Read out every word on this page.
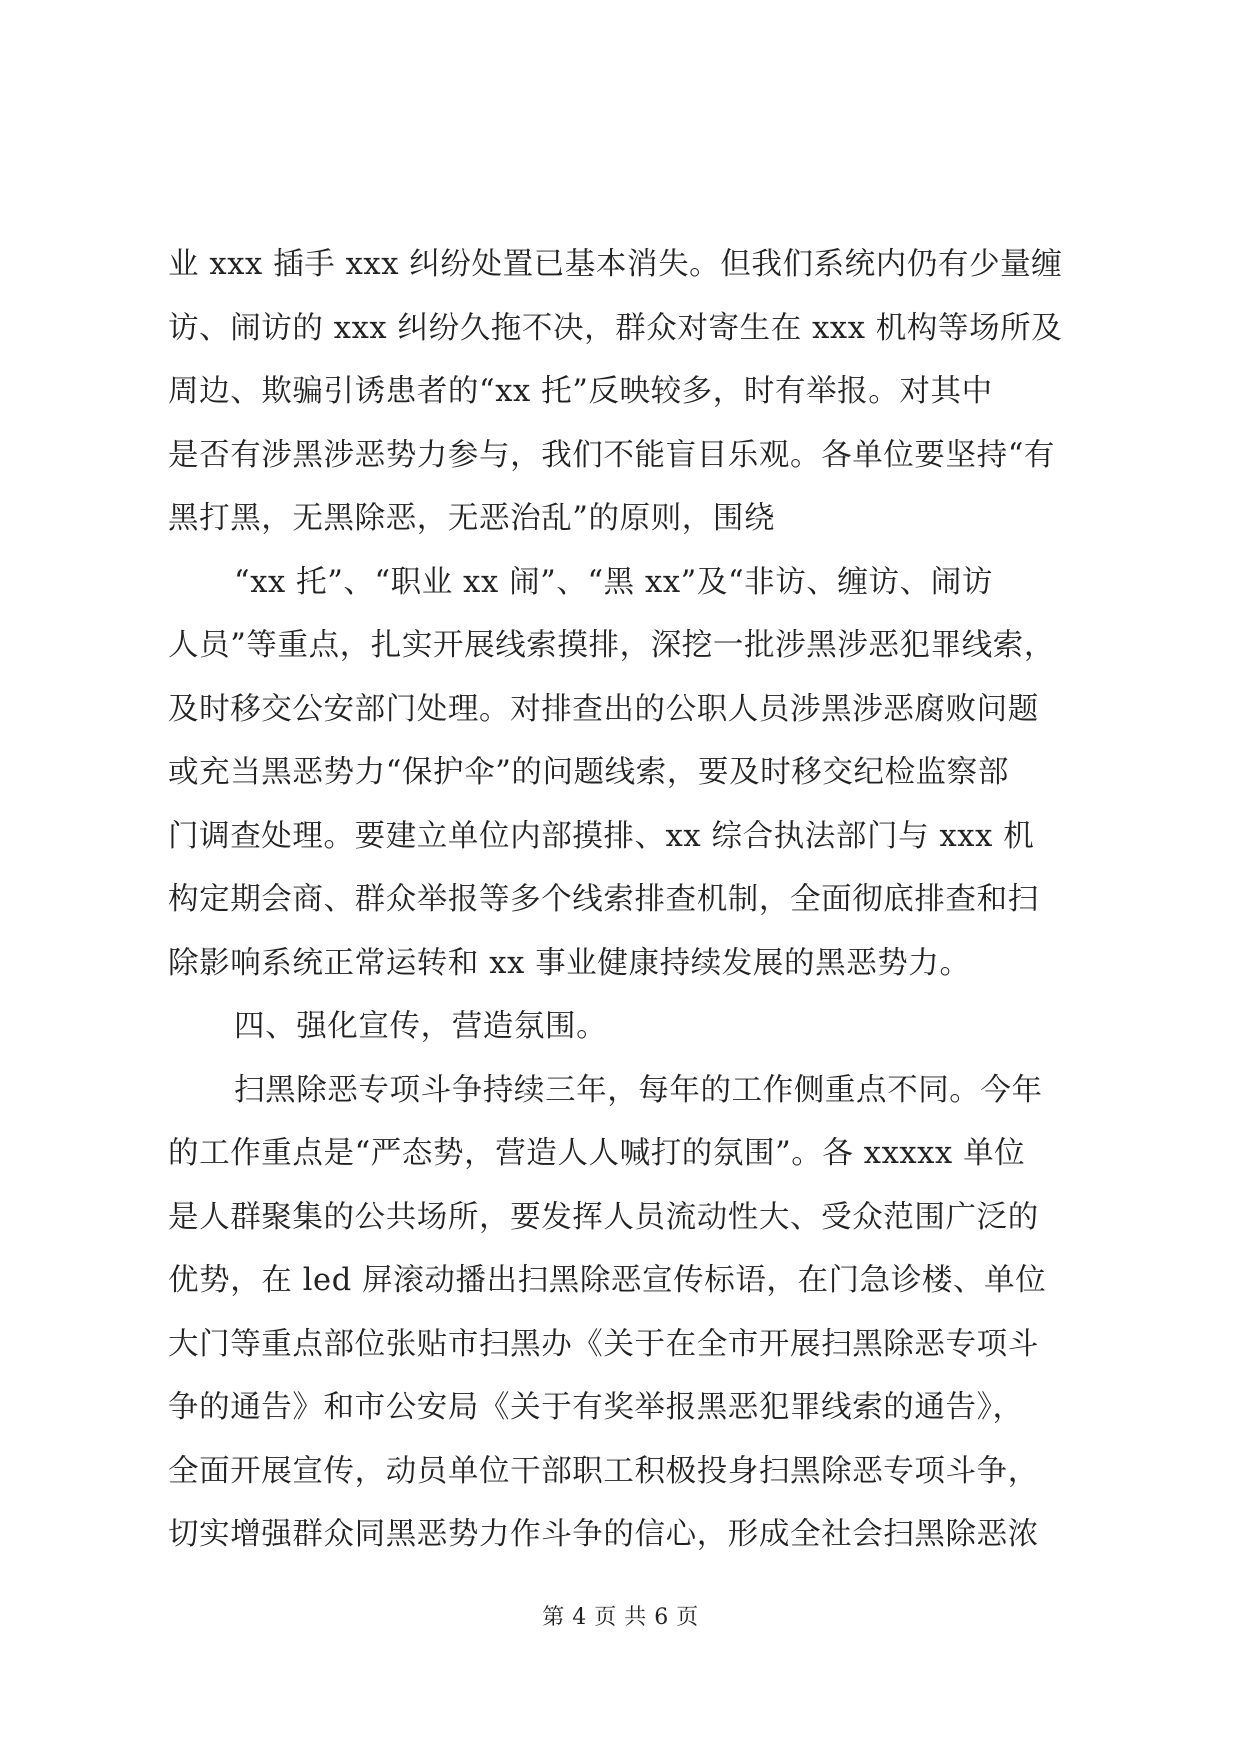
业 xxx 插手 xxx 纠纷处置已基本消失。但我们系统内仍有少量缠
访、闹访的 xxx 纠纷久拖不决，群众对寄生在 xxx 机构等场所及
周边、欺骗引诱患者的“xx 托”反映较多，时有举报。对其中
是否有涉黑涉恶势力参与，我们不能盲目乐观。各单位要坚持“有
黑打黑，无黑除恶，无恶治乱”的原则，围绕
“xx 托”、“职业 xx 闹”、“黑 xx”及“非访、缠访、闹访
人员”等重点，扎实开展线索摸排，深挖一批涉黑涉恶犯罪线索，
及时移交公安部门处理。对排查出的公职人员涉黑涉恶腐败问题
或充当黑恶势力“保护伞”的问题线索，要及时移交纪检监察部
门调查处理。要建立单位内部摸排、xx 综合执法部门与 xxx 机
构定期会商、群众举报等多个线索排查机制，全面彻底排查和扫
除影响系统正常运转和 xx 事业健康持续发展的黑恶势力。
四、强化宣传，营造氛围。
扫黑除恶专项斗争持续三年，每年的工作侧重点不同。今年
的工作重点是“严态势，营造人人喊打的氛围”。各 xxxxx 单位
是人群聚集的公共场所，要发挥人员流动性大、受众范围广泛的
优势，在 led 屏滚动播出扫黑除恶宣传标语，在门急诊楼、单位
大门等重点部位张贴市扫黑办《关于在全市开展扫黑除恶专项斗
争的通告》和市公安局《关于有奖举报黑恶犯罪线索的通告》，
全面开展宣传，动员单位干部职工积极投身扫黑除恶专项斗争，
切实增强群众同黑恶势力作斗争的信心，形成全社会扫黑除恶浓
第 4 页 共 6 页
